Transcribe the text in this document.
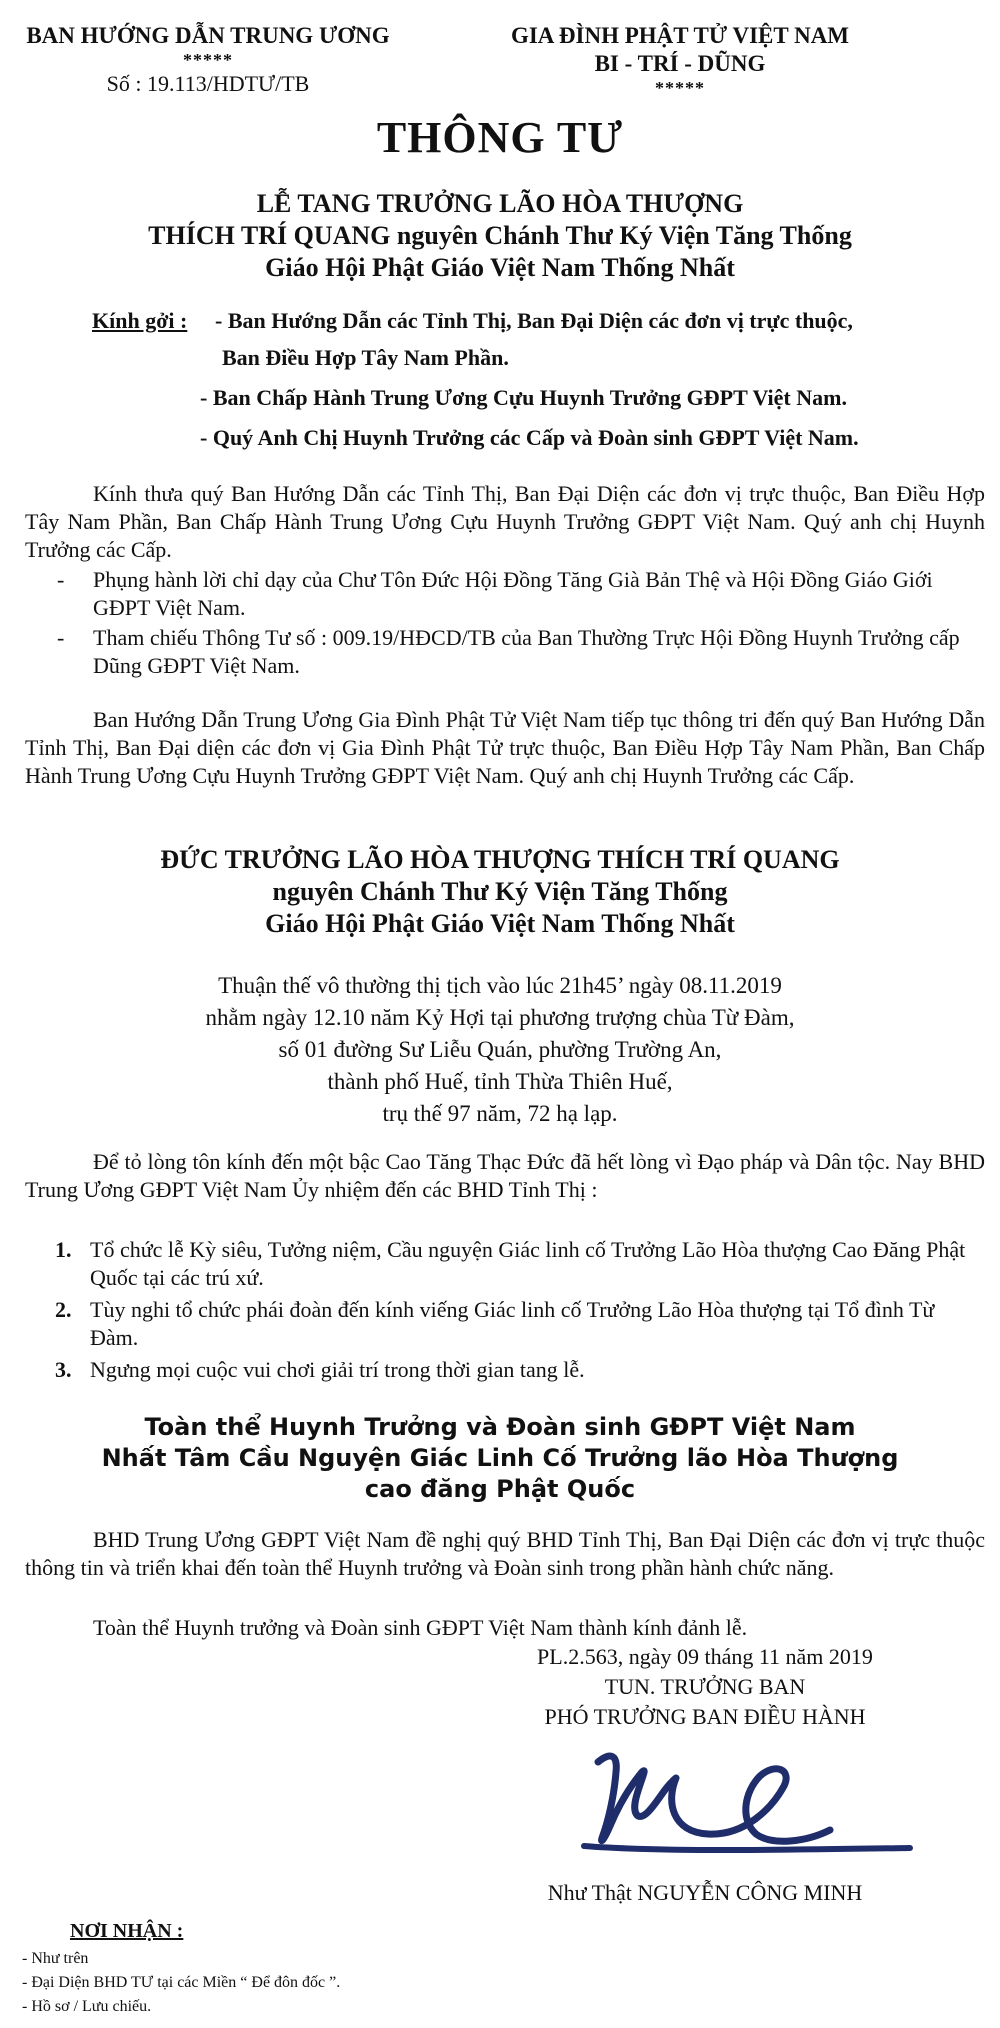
BAN HƯỚNG DẪN TRUNG ƯƠNG
*****
Số : 19.113/HDTƯ/TB
GIA ĐÌNH PHẬT TỬ VIỆT NAM
BI - TRÍ - DŨNG
*****
THÔNG TƯ
LỄ TANG TRƯỞNG LÃO HÒA THƯỢNG
THÍCH TRÍ QUANG nguyên Chánh Thư Ký Viện Tăng Thống
Giáo Hội Phật Giáo Việt Nam Thống Nhất
Kính gởi : - Ban Hướng Dẫn các Tỉnh Thị, Ban Đại Diện các đơn vị trực thuộc,
Ban Điều Hợp Tây Nam Phần.
- Ban Chấp Hành Trung Ương Cựu Huynh Trưởng GĐPT Việt Nam.
- Quý Anh Chị Huynh Trưởng các Cấp và Đoàn sinh GĐPT Việt Nam.
Kính thưa quý Ban Hướng Dẫn các Tỉnh Thị, Ban Đại Diện các đơn vị trực thuộc, Ban Điều Hợp Tây Nam Phần, Ban Chấp Hành Trung Ương Cựu Huynh Trưởng GĐPT Việt Nam. Quý anh chị Huynh Trưởng các Cấp.
- Phụng hành lời chỉ dạy của Chư Tôn Đức Hội Đồng Tăng Già Bản Thệ và Hội Đồng Giáo Giới GĐPT Việt Nam.
- Tham chiếu Thông Tư số : 009.19/HĐCD/TB của Ban Thường Trực Hội Đồng Huynh Trưởng cấp Dũng GĐPT Việt Nam.
Ban Hướng Dẫn Trung Ương Gia Đình Phật Tử Việt Nam tiếp tục thông tri đến quý Ban Hướng Dẫn Tỉnh Thị, Ban Đại diện các đơn vị Gia Đình Phật Tử trực thuộc, Ban Điều Hợp Tây Nam Phần, Ban Chấp Hành Trung Ương Cựu Huynh Trưởng GĐPT Việt Nam. Quý anh chị Huynh Trưởng các Cấp.
ĐỨC TRƯỞNG LÃO HÒA THƯỢNG THÍCH TRÍ QUANG
nguyên Chánh Thư Ký Viện Tăng Thống
Giáo Hội Phật Giáo Việt Nam Thống Nhất
Thuận thế vô thường thị tịch vào lúc 21h45’ ngày 08.11.2019
nhằm ngày 12.10 năm Kỷ Hợi tại phương trượng chùa Từ Đàm,
số 01 đường Sư Liễu Quán, phường Trường An,
thành phố Huế, tỉnh Thừa Thiên Huế,
trụ thế 97 năm, 72 hạ lạp.
Để tỏ lòng tôn kính đến một bậc Cao Tăng Thạc Đức đã hết lòng vì Đạo pháp và Dân tộc. Nay BHD Trung Ương GĐPT Việt Nam Ủy nhiệm đến các BHD Tỉnh Thị :
1. Tổ chức lễ Kỳ siêu, Tưởng niệm, Cầu nguyện Giác linh cố Trưởng Lão Hòa thượng Cao Đăng Phật Quốc tại các trú xứ.
2. Tùy nghi tổ chức phái đoàn đến kính viếng Giác linh cố Trưởng Lão Hòa thượng tại Tổ đình Từ Đàm.
3. Ngưng mọi cuộc vui chơi giải trí trong thời gian tang lễ.
Toàn thể Huynh Trưởng và Đoàn sinh GĐPT Việt Nam
Nhất Tâm Cầu Nguyện Giác Linh Cố Trưởng lão Hòa Thượng
cao đăng Phật Quốc
BHD Trung Ương GĐPT Việt Nam đề nghị quý BHD Tỉnh Thị, Ban Đại Diện các đơn vị trực thuộc thông tin và triển khai đến toàn thể Huynh trưởng và Đoàn sinh trong phần hành chức năng.
Toàn thể Huynh trưởng và Đoàn sinh GĐPT Việt Nam thành kính đảnh lễ.
PL.2.563, ngày 09 tháng 11 năm 2019
TUN. TRƯỞNG BAN
PHÓ TRƯỞNG BAN ĐIỀU HÀNH
Như Thật NGUYỄN CÔNG MINH
NƠI NHẬN :
- Như trên
- Đại Diện BHD TƯ tại các Miền “ Để đôn đốc ”.
- Hồ sơ / Lưu chiếu.
